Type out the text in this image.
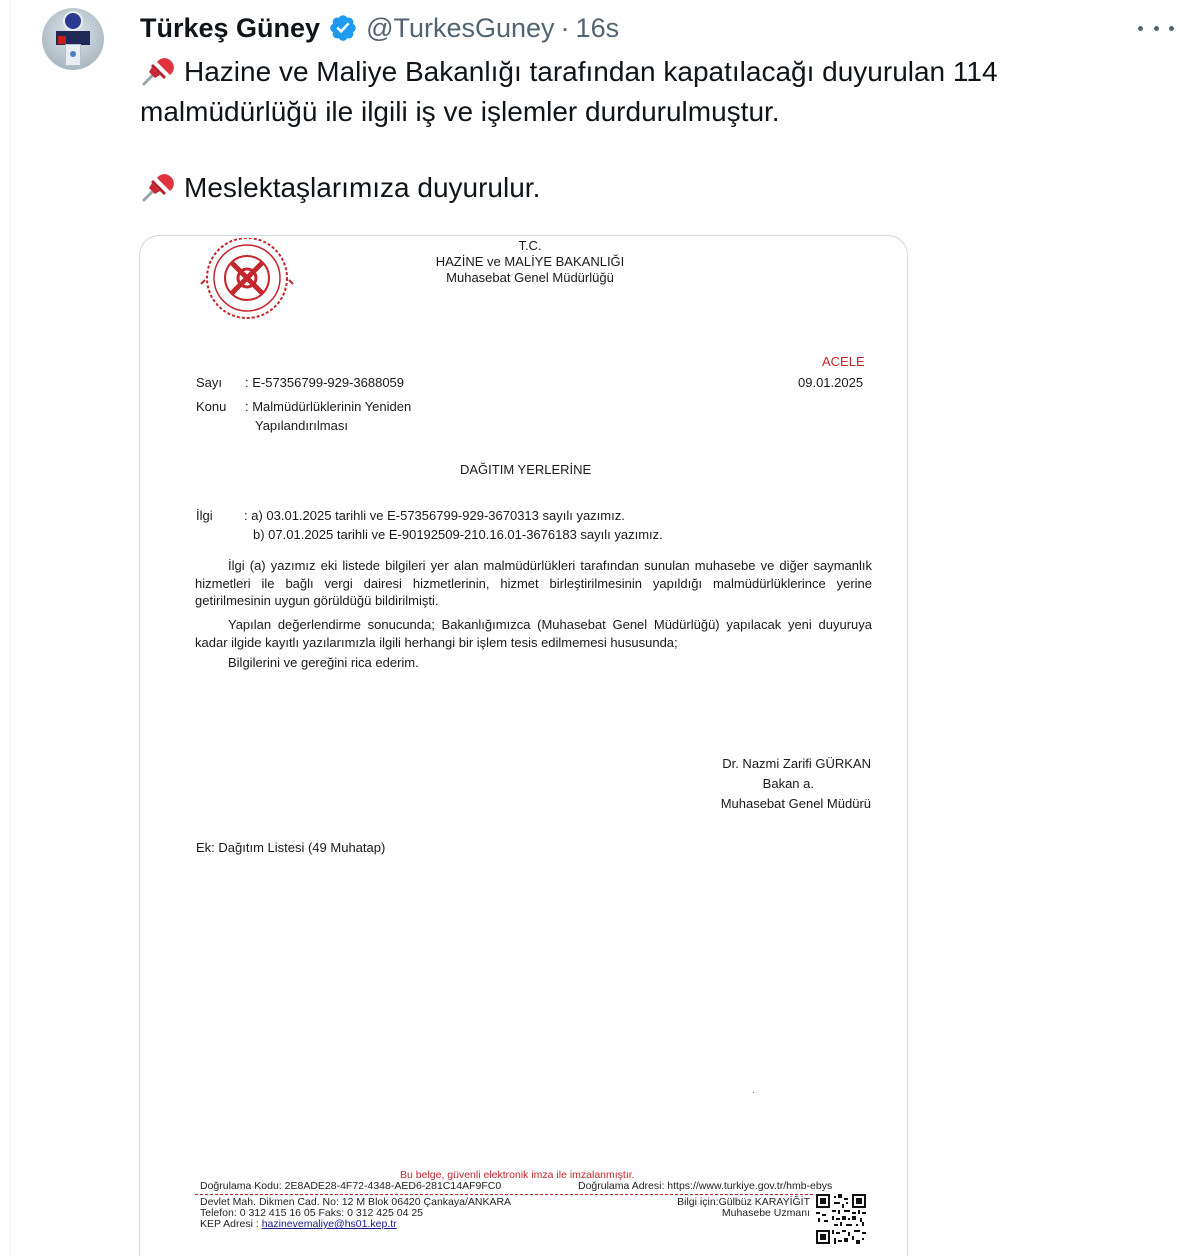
Türkeş Güney @TurkesGuney · 16s

Hazine ve Maliye Bakanlığı tarafından kapatılacağı duyurulan 114
malmüdürlüğü ile ilgili iş ve işlemler durdurulmuştur.

Meslektaşlarımıza duyurulur.

T.C.
HAZİNE ve MALİYE BAKANLIĞI
Muhasebat Genel Müdürlüğü
ACELE
09.01.2025
Sayı : E-57356799-929-3688059
Konu : Malmüdürlüklerinin Yeniden
Yapılandırılması
DAĞITIM YERLERİNE
İlgi : a) 03.01.2025 tarihli ve E-57356799-929-3670313 sayılı yazımız.
b) 07.01.2025 tarihli ve E-90192509-210.16.01-3676183 sayılı yazımız.
İlgi (a) yazımız eki listede bilgileri yer alan malmüdürlükleri tarafından sunulan muhasebe ve diğer saymanlık hizmetleri ile bağlı vergi dairesi hizmetlerinin, hizmet birleştirilmesinin yapıldığı malmüdürlüklerince yerine getirilmesinin uygun görüldüğü bildirilmişti.
Yapılan değerlendirme sonucunda; Bakanlığımızca (Muhasebat Genel Müdürlüğü) yapılacak yeni duyuruya kadar ilgide kayıtlı yazılarımızla ilgili herhangi bir işlem tesis edilmemesi hususunda;
Bilgilerini ve gereğini rica ederim.
Dr. Nazmi Zarifi GÜRKAN
Bakan a.
Muhasebat Genel Müdürü
Ek: Dağıtım Listesi (49 Muhatap)
·
Bu belge, güvenli elektronik imza ile imzalanmıştır.
Doğrulama Kodu: 2E8ADE28-4F72-4348-AED6-281C14AF9FC0	Doğrulama Adresi: https://www.turkiye.gov.tr/hmb-ebys
Devlet Mah. Dikmen Cad. No: 12 M Blok 06420 Çankaya/ANKARA
Telefon: 0 312 415 16 05 Faks: 0 312 425 04 25
KEP Adresi : hazinevemaliye@hs01.kep.tr
Bilgi için:Gülbüz KARAYİĞİT
Muhasebe Uzmanı
